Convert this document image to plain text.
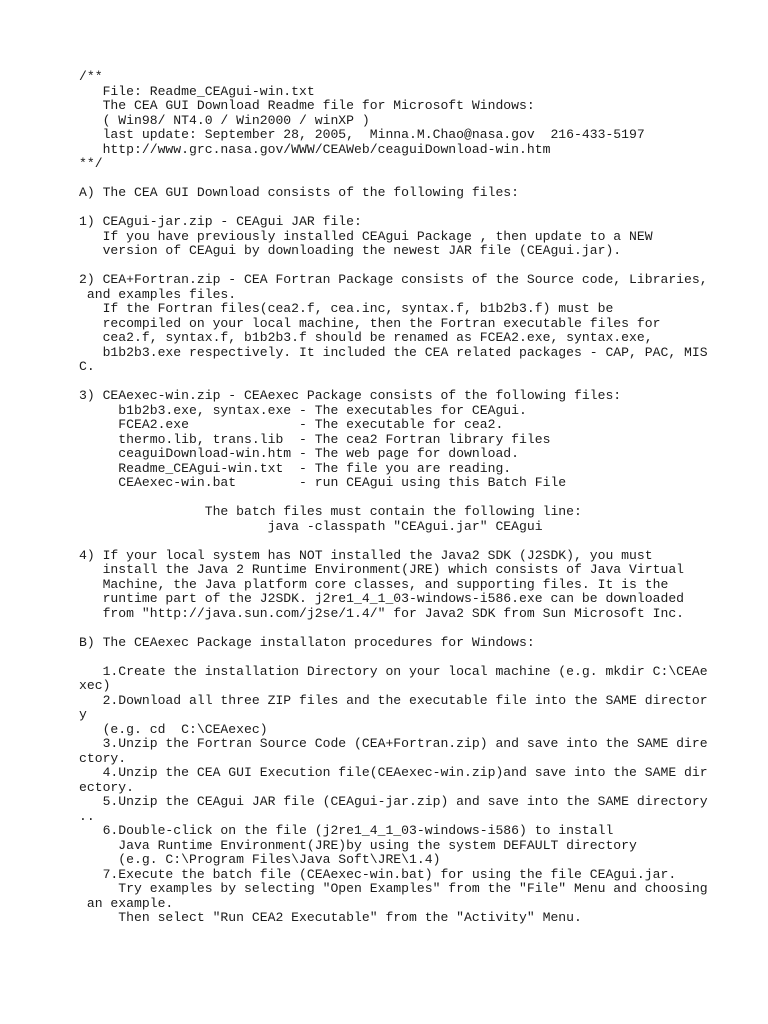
/**
File: Readme_CEAgui-win.txt
The CEA GUI Download Readme file for Microsoft Windows:
( Win98/ NT4.0 / Win2000 / winXP )
last update: September 28, 2005,  Minna.M.Chao@nasa.gov  216-433-5197
http://www.grc.nasa.gov/WWW/CEAWeb/ceaguiDownload-win.htm
**/
A) The CEA GUI Download consists of the following files:
1) CEAgui-jar.zip - CEAgui JAR file:
If you have previously installed CEAgui Package , then update to a NEW
version of CEAgui by downloading the newest JAR file (CEAgui.jar).
2) CEA+Fortran.zip - CEA Fortran Package consists of the Source code, Libraries,
and examples files.
If the Fortran files(cea2.f, cea.inc, syntax.f, b1b2b3.f) must be
recompiled on your local machine, then the Fortran executable files for
cea2.f, syntax.f, b1b2b3.f should be renamed as FCEA2.exe, syntax.exe,
b1b2b3.exe respectively. It included the CEA related packages - CAP, PAC, MIS
C.
3) CEAexec-win.zip - CEAexec Package consists of the following files:
b1b2b3.exe, syntax.exe - The executables for CEAgui.
FCEA2.exe              - The executable for cea2.
thermo.lib, trans.lib  - The cea2 Fortran library files
ceaguiDownload-win.htm - The web page for download.
Readme_CEAgui-win.txt  - The file you are reading.
CEAexec-win.bat        - run CEAgui using this Batch File
The batch files must contain the following line:
java -classpath "CEAgui.jar" CEAgui
4) If your local system has NOT installed the Java2 SDK (J2SDK), you must
install the Java 2 Runtime Environment(JRE) which consists of Java Virtual
Machine, the Java platform core classes, and supporting files. It is the
runtime part of the J2SDK. j2re1_4_1_03-windows-i586.exe can be downloaded
from "http://java.sun.com/j2se/1.4/" for Java2 SDK from Sun Microsoft Inc.
B) The CEAexec Package installaton procedures for Windows:
1.Create the installation Directory on your local machine (e.g. mkdir C:\CEAe
xec)
2.Download all three ZIP files and the executable file into the SAME director
y
(e.g. cd  C:\CEAexec)
3.Unzip the Fortran Source Code (CEA+Fortran.zip) and save into the SAME dire
ctory.
4.Unzip the CEA GUI Execution file(CEAexec-win.zip)and save into the SAME dir
ectory.
5.Unzip the CEAgui JAR file (CEAgui-jar.zip) and save into the SAME directory
..
6.Double-click on the file (j2re1_4_1_03-windows-i586) to install
Java Runtime Environment(JRE)by using the system DEFAULT directory
(e.g. C:\Program Files\Java Soft\JRE\1.4)
7.Execute the batch file (CEAexec-win.bat) for using the file CEAgui.jar.
Try examples by selecting "Open Examples" from the "File" Menu and choosing
an example.
Then select "Run CEA2 Executable" from the "Activity" Menu.
